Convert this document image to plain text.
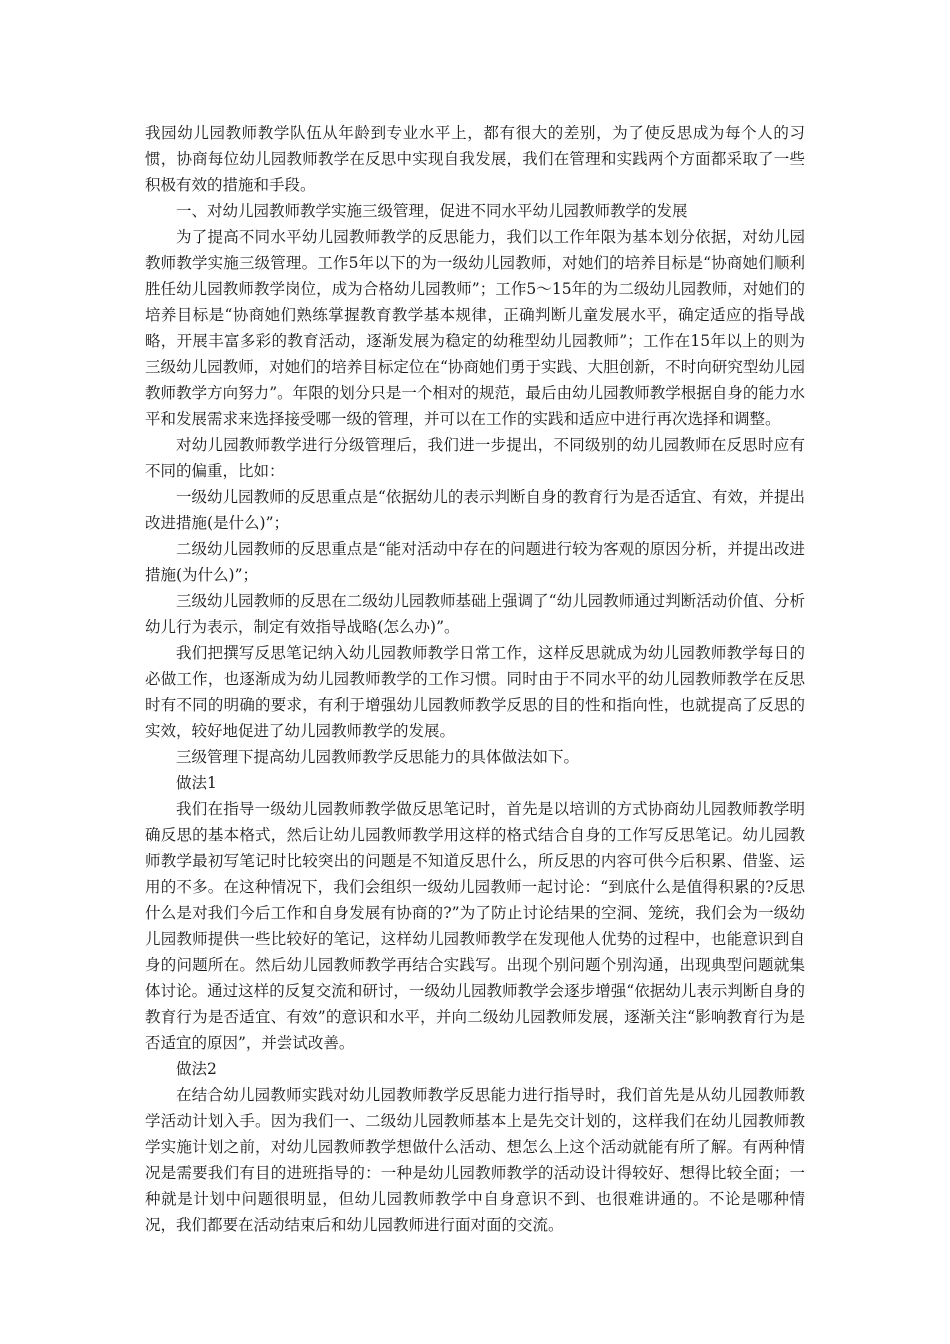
我园幼儿园教师教学队伍从年龄到专业水平上，都有很大的差别，为了使反思成为每个人的习惯，协商每位幼儿园教师教学在反思中实现自我发展，我们在管理和实践两个方面都采取了一些积极有效的措施和手段。

一、对幼儿园教师教学实施三级管理，促进不同水平幼儿园教师教学的发展

为了提高不同水平幼儿园教师教学的反思能力，我们以工作年限为基本划分依据，对幼儿园教师教学实施三级管理。工作5年以下的为一级幼儿园教师，对她们的培养目标是“协商她们顺利胜任幼儿园教师教学岗位，成为合格幼儿园教师”；工作5～15年的为二级幼儿园教师，对她们的培养目标是“协商她们熟练掌握教育教学基本规律，正确判断儿童发展水平，确定适应的指导战略，开展丰富多彩的教育活动，逐渐发展为稳定的幼稚型幼儿园教师”；工作在15年以上的则为三级幼儿园教师，对她们的培养目标定位在“协商她们勇于实践、大胆创新，不时向研究型幼儿园教师教学方向努力”。年限的划分只是一个相对的规范，最后由幼儿园教师教学根据自身的能力水平和发展需求来选择接受哪一级的管理，并可以在工作的实践和适应中进行再次选择和调整。

对幼儿园教师教学进行分级管理后，我们进一步提出，不同级别的幼儿园教师在反思时应有不同的偏重，比如：

一级幼儿园教师的反思重点是“依据幼儿的表示判断自身的教育行为是否适宜、有效，并提出改进措施(是什么)”；

二级幼儿园教师的反思重点是“能对活动中存在的问题进行较为客观的原因分析，并提出改进措施(为什么)”；

三级幼儿园教师的反思在二级幼儿园教师基础上强调了“幼儿园教师通过判断活动价值、分析幼儿行为表示，制定有效指导战略(怎么办)”。

我们把撰写反思笔记纳入幼儿园教师教学日常工作，这样反思就成为幼儿园教师教学每日的必做工作，也逐渐成为幼儿园教师教学的工作习惯。同时由于不同水平的幼儿园教师教学在反思时有不同的明确的要求，有利于增强幼儿园教师教学反思的目的性和指向性，也就提高了反思的实效，较好地促进了幼儿园教师教学的发展。

三级管理下提高幼儿园教师教学反思能力的具体做法如下。

做法1

我们在指导一级幼儿园教师教学做反思笔记时，首先是以培训的方式协商幼儿园教师教学明确反思的基本格式，然后让幼儿园教师教学用这样的格式结合自身的工作写反思笔记。幼儿园教师教学最初写笔记时比较突出的问题是不知道反思什么，所反思的内容可供今后积累、借鉴、运用的不多。在这种情况下，我们会组织一级幼儿园教师一起讨论：“到底什么是值得积累的?反思什么是对我们今后工作和自身发展有协商的?”为了防止讨论结果的空洞、笼统，我们会为一级幼儿园教师提供一些比较好的笔记，这样幼儿园教师教学在发现他人优势的过程中，也能意识到自身的问题所在。然后幼儿园教师教学再结合实践写。出现个别问题个别沟通，出现典型问题就集体讨论。通过这样的反复交流和研讨，一级幼儿园教师教学会逐步增强“依据幼儿表示判断自身的教育行为是否适宜、有效”的意识和水平，并向二级幼儿园教师发展，逐渐关注“影响教育行为是否适宜的原因”，并尝试改善。

做法2

在结合幼儿园教师实践对幼儿园教师教学反思能力进行指导时，我们首先是从幼儿园教师教学活动计划入手。因为我们一、二级幼儿园教师基本上是先交计划的，这样我们在幼儿园教师教学实施计划之前，对幼儿园教师教学想做什么活动、想怎么上这个活动就能有所了解。有两种情况是需要我们有目的进班指导的：一种是幼儿园教师教学的活动设计得较好、想得比较全面；一种就是计划中问题很明显，但幼儿园教师教学中自身意识不到、也很难讲通的。不论是哪种情况，我们都要在活动结束后和幼儿园教师进行面对面的交流。
